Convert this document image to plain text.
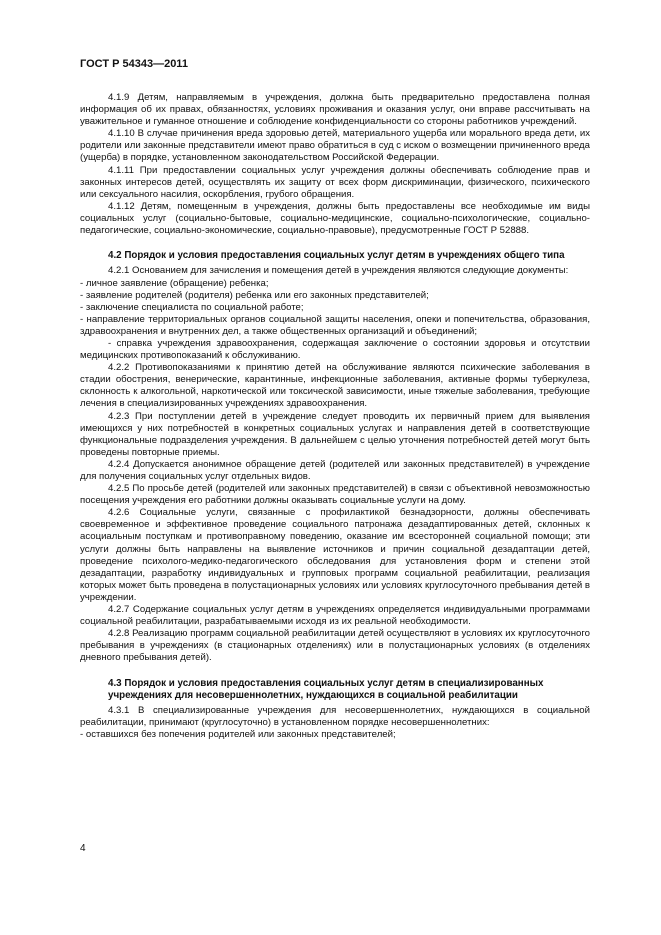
ГОСТ Р 54343—2011

4.1.9 Детям, направляемым в учреждения, должна быть предварительно предоставлена полная информация об их правах, обязанностях, условиях проживания и оказания услуг, они вправе рассчитывать на уважительное и гуманное отношение и соблюдение конфиденциальности со стороны работников учреждений.

4.1.10 В случае причинения вреда здоровью детей, материального ущерба или морального вреда дети, их родители или законные представители имеют право обратиться в суд с иском о возмещении причиненного вреда (ущерба) в порядке, установленном законодательством Российской Федерации.

4.1.11 При предоставлении социальных услуг учреждения должны обеспечивать соблюдение прав и законных интересов детей, осуществлять их защиту от всех форм дискриминации, физического, психического или сексуального насилия, оскорбления, грубого обращения.

4.1.12 Детям, помещенным в учреждения, должны быть предоставлены все необходимые им виды социальных услуг (социально-бытовые, социально-медицинские, социально-психологические, социально-педагогические, социально-экономические, социально-правовые), предусмотренные ГОСТ Р 52888.

4.2 Порядок и условия предоставления социальных услуг детям в учреждениях общего типа

4.2.1 Основанием для зачисления и помещения детей в учреждения являются следующие документы:

- личное заявление (обращение) ребенка;

- заявление родителей (родителя) ребенка или его законных представителей;

- заключение специалиста по социальной работе;

- направление территориальных органов социальной защиты населения, опеки и попечительства, образования, здравоохранения и внутренних дел, а также общественных организаций и объединений;

- справка учреждения здравоохранения, содержащая заключение о состоянии здоровья и отсутствии медицинских противопоказаний к обслуживанию.

4.2.2 Противопоказаниями к принятию детей на обслуживание являются психические заболевания в стадии обострения, венерические, карантинные, инфекционные заболевания, активные формы туберкулеза, склонность к алкогольной, наркотической или токсической зависимости, иные тяжелые заболевания, требующие лечения в специализированных учреждениях здравоохранения.

4.2.3 При поступлении детей в учреждение следует проводить их первичный прием для выявления имеющихся у них потребностей в конкретных социальных услугах и направления детей в соответствующие функциональные подразделения учреждения. В дальнейшем с целью уточнения потребностей детей могут быть проведены повторные приемы.

4.2.4 Допускается анонимное обращение детей (родителей или законных представителей) в учреждение для получения социальных услуг отдельных видов.

4.2.5 По просьбе детей (родителей или законных представителей) в связи с объективной невозможностью посещения учреждения его работники должны оказывать социальные услуги на дому.

4.2.6 Социальные услуги, связанные с профилактикой безнадзорности, должны обеспечивать своевременное и эффективное проведение социального патронажа дезадаптированных детей, склонных к асоциальным поступкам и противоправному поведению, оказание им всесторонней социальной помощи; эти услуги должны быть направлены на выявление источников и причин социальной дезадаптации детей, проведение психолого-медико-педагогического обследования для установления форм и степени этой дезадаптации, разработку индивидуальных и групповых программ социальной реабилитации, реализация которых может быть проведена в полустационарных условиях или условиях круглосуточного пребывания детей в учреждении.

4.2.7 Содержание социальных услуг детям в учреждениях определяется индивидуальными программами социальной реабилитации, разрабатываемыми исходя из их реальной необходимости.

4.2.8 Реализацию программ социальной реабилитации детей осуществляют в условиях их круглосуточного пребывания в учреждениях (в стационарных отделениях) или в полустационарных условиях (в отделениях дневного пребывания детей).

4.3 Порядок и условия предоставления социальных услуг детям в специализированных учреждениях для несовершеннолетних, нуждающихся в социальной реабилитации

4.3.1 В специализированные учреждения для несовершеннолетних, нуждающихся в социальной реабилитации, принимают (круглосуточно) в установленном порядке несовершеннолетних:

- оставшихся без попечения родителей или законных представителей;

4
